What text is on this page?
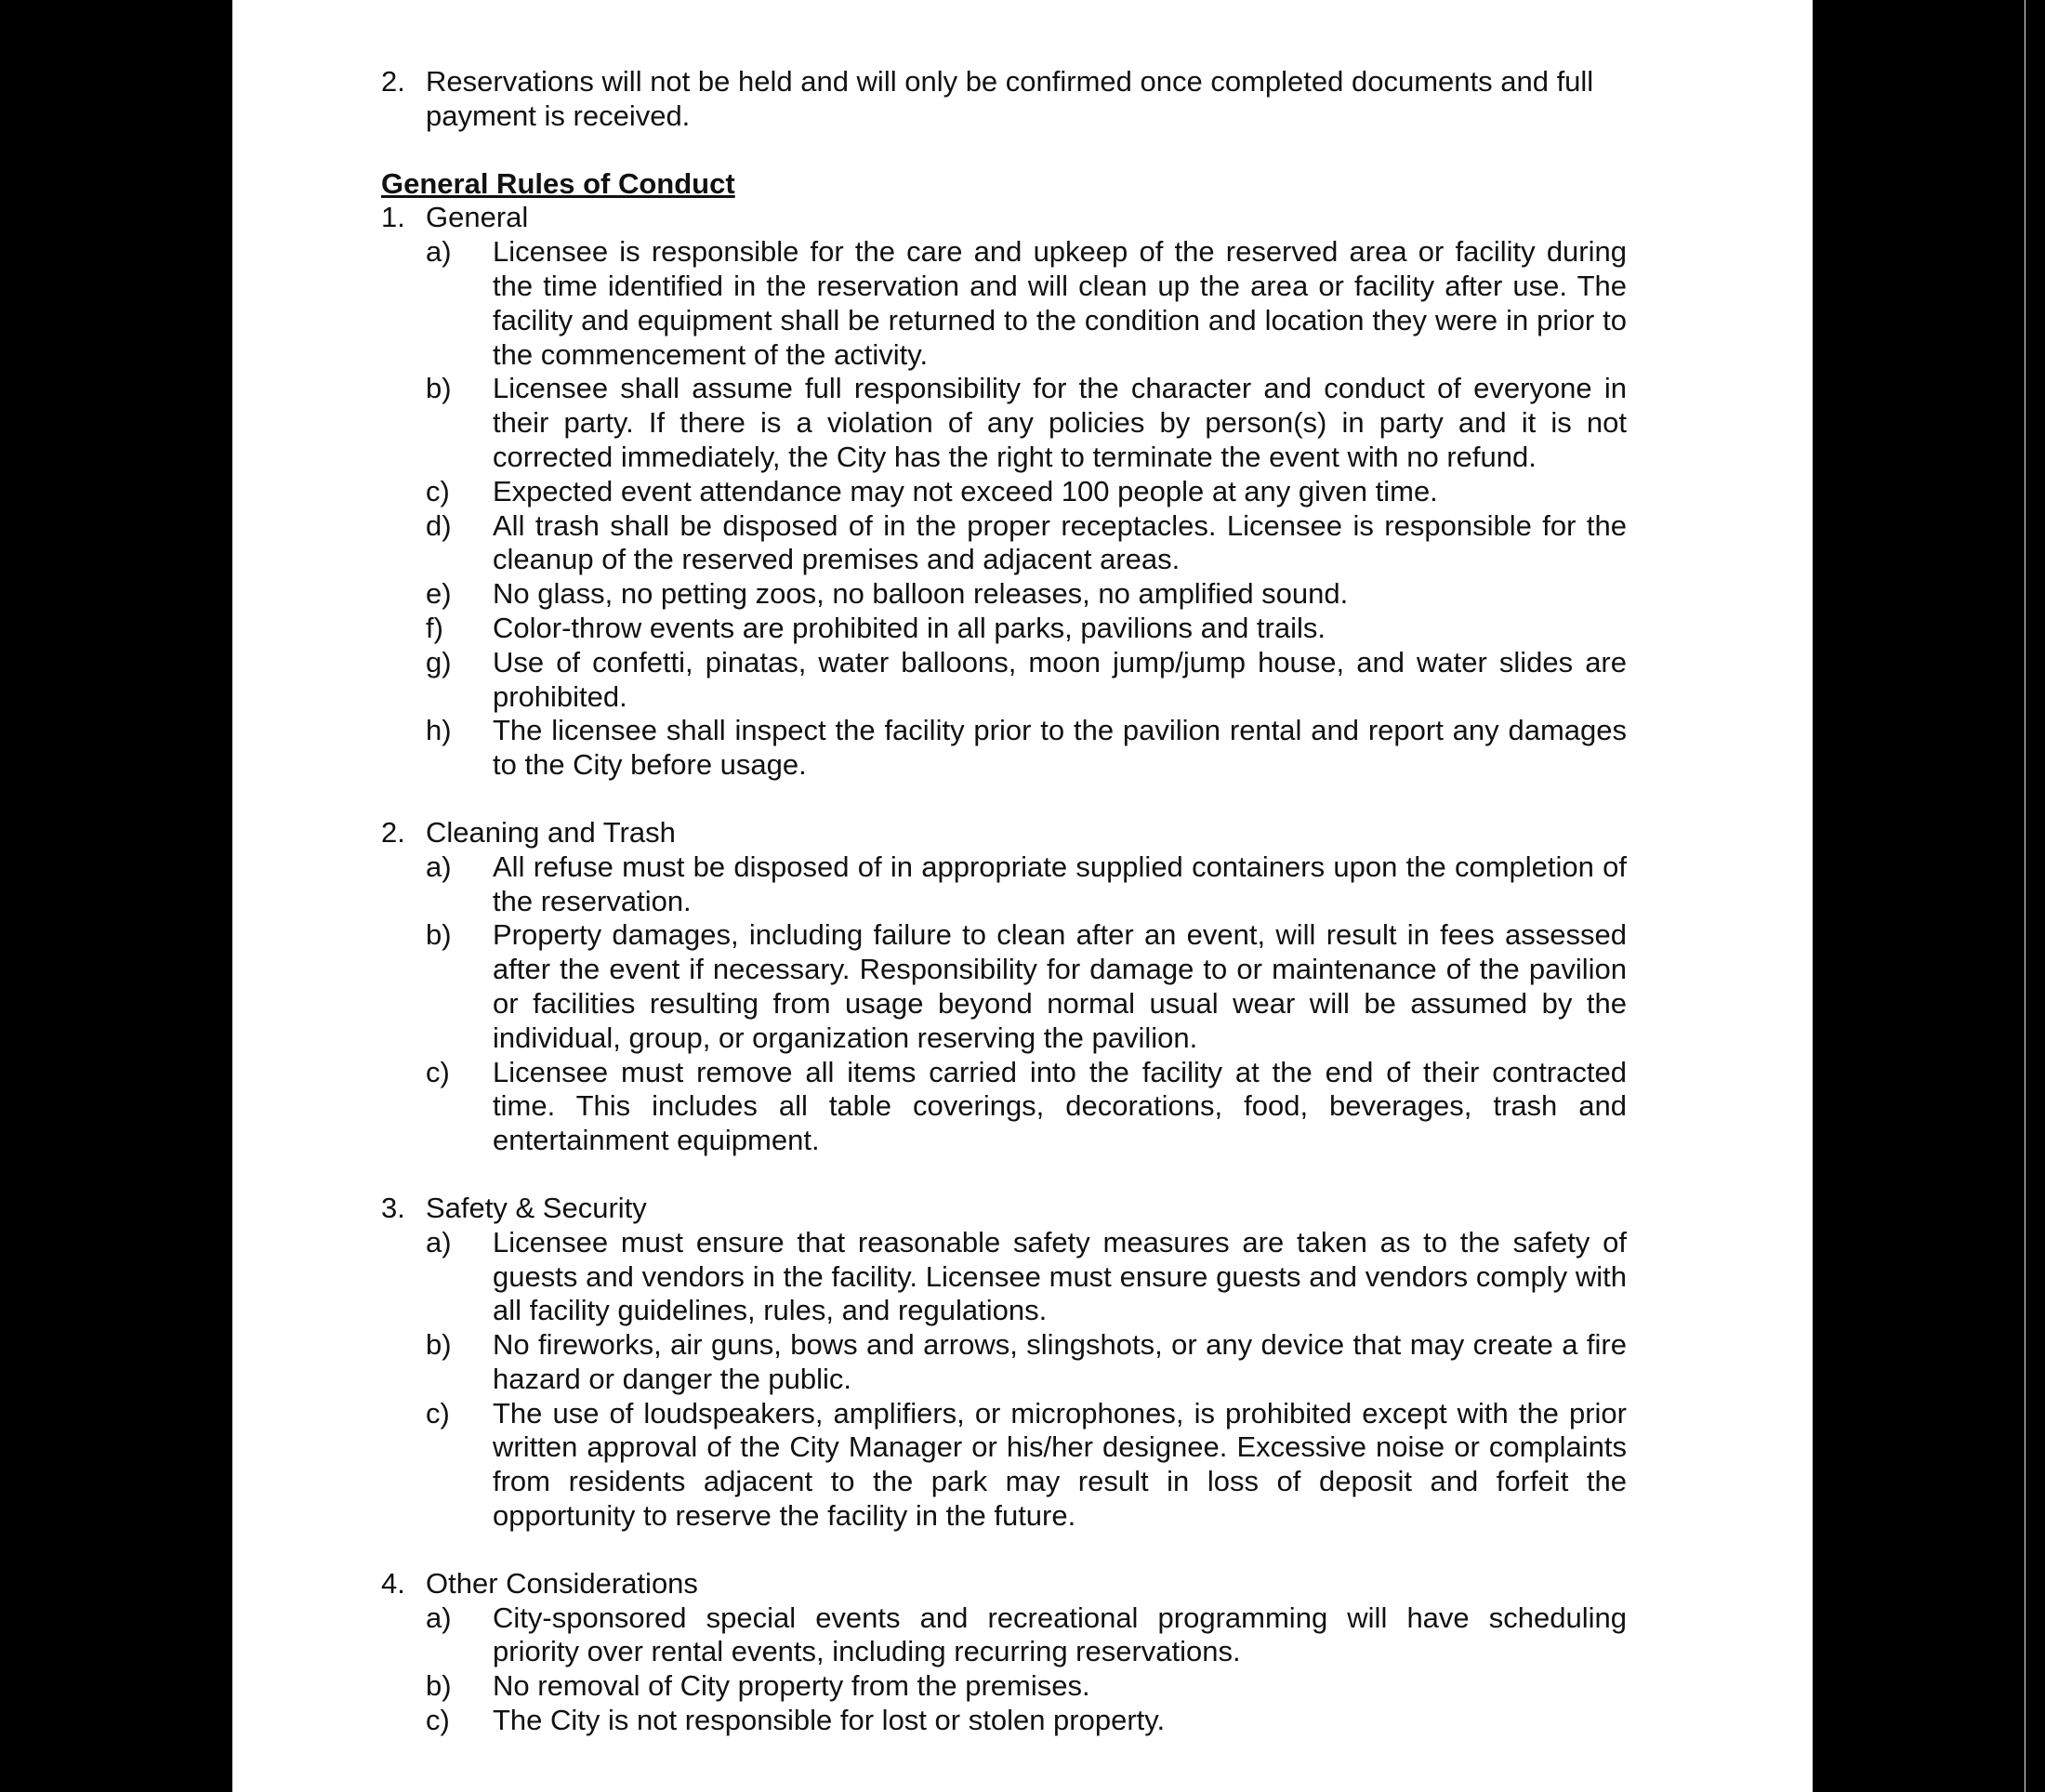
2. Reservations will not be held and will only be confirmed once completed documents and full payment is received.
General Rules of Conduct
1. General
a)	Licensee is responsible for the care and upkeep of the reserved area or facility during the time identified in the reservation and will clean up the area or facility after use. The facility and equipment shall be returned to the condition and location they were in prior to the commencement of the activity.
b)	Licensee shall assume full responsibility for the character and conduct of everyone in their party. If there is a violation of any policies by person(s) in party and it is not corrected immediately, the City has the right to terminate the event with no refund.
c)	Expected event attendance may not exceed 100 people at any given time.
d)	All trash shall be disposed of in the proper receptacles. Licensee is responsible for the cleanup of the reserved premises and adjacent areas.
e)	No glass, no petting zoos, no balloon releases, no amplified sound.
f)	Color-throw events are prohibited in all parks, pavilions and trails.
g)	Use of confetti, pinatas, water balloons, moon jump/jump house, and water slides are prohibited.
h)	The licensee shall inspect the facility prior to the pavilion rental and report any damages to the City before usage.
2. Cleaning and Trash
a)	All refuse must be disposed of in appropriate supplied containers upon the completion of the reservation.
b)	Property damages, including failure to clean after an event, will result in fees assessed after the event if necessary. Responsibility for damage to or maintenance of the pavilion or facilities resulting from usage beyond normal usual wear will be assumed by the individual, group, or organization reserving the pavilion.
c)	Licensee must remove all items carried into the facility at the end of their contracted time. This includes all table coverings, decorations, food, beverages, trash and entertainment equipment.
3. Safety & Security
a)	Licensee must ensure that reasonable safety measures are taken as to the safety of guests and vendors in the facility. Licensee must ensure guests and vendors comply with all facility guidelines, rules, and regulations.
b)	No fireworks, air guns, bows and arrows, slingshots, or any device that may create a fire hazard or danger the public.
c)	The use of loudspeakers, amplifiers, or microphones, is prohibited except with the prior written approval of the City Manager or his/her designee. Excessive noise or complaints from residents adjacent to the park may result in loss of deposit and forfeit the opportunity to reserve the facility in the future.
4. Other Considerations
a)	City-sponsored special events and recreational programming will have scheduling priority over rental events, including recurring reservations.
b)	No removal of City property from the premises.
c)	The City is not responsible for lost or stolen property.
